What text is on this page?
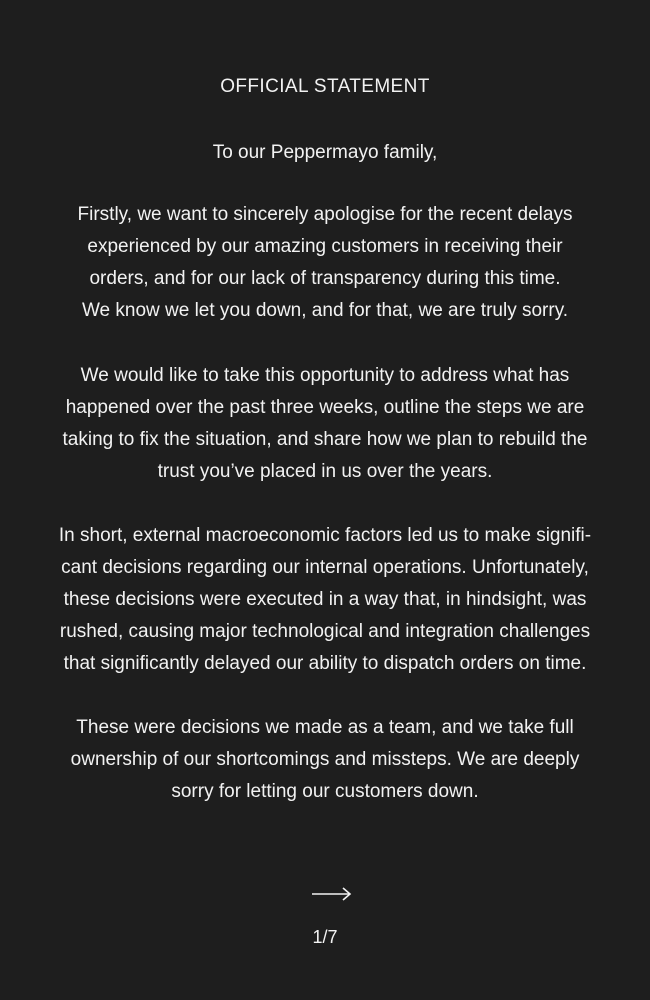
OFFICIAL STATEMENT
To our Peppermayo family,
Firstly, we want to sincerely apologise for the recent delays
experienced by our amazing customers in receiving their
orders, and for our lack of transparency during this time.
We know we let you down, and for that, we are truly sorry.
We would like to take this opportunity to address what has
happened over the past three weeks, outline the steps we are
taking to fix the situation, and share how we plan to rebuild the
trust you’ve placed in us over the years.
In short, external macroeconomic factors led us to make signifi-
cant decisions regarding our internal operations. Unfortunately,
these decisions were executed in a way that, in hindsight, was
rushed, causing major technological and integration challenges
that significantly delayed our ability to dispatch orders on time.
These were decisions we made as a team, and we take full
ownership of our shortcomings and missteps. We are deeply
sorry for letting our customers down.
1/7
